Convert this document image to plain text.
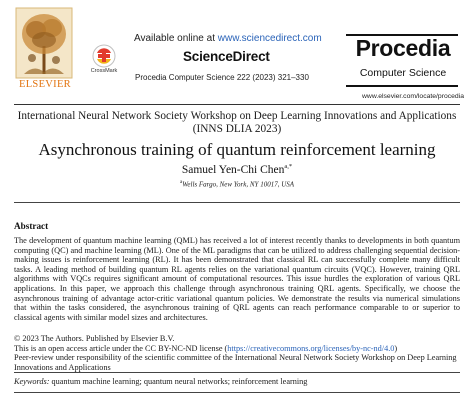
ELSEVIER
CrossMark
Available online at www.sciencedirect.com
ScienceDirect
Procedia Computer Science 222 (2023) 321–330
Procedia
Computer Science
www.elsevier.com/locate/procedia
International Neural Network Society Workshop on Deep Learning Innovations and Applications
(INNS DLIA 2023)
Asynchronous training of quantum reinforcement learning
Samuel Yen-Chi Chen$^{a,*}$
$^a$Wells Fargo, New York, NY 10017, USA
Abstract
The development of quantum machine learning (QML) has received a lot of interest recently thanks to developments in both quantum computing (QC) and machine learning (ML). One of the ML paradigms that can be utilized to address challenging sequential decision-making issues is reinforcement learning (RL). It has been demonstrated that classical RL can successfully complete many difficult tasks. A leading method of building quantum RL agents relies on the variational quantum circuits (VQC). However, training QRL algorithms with VQCs requires significant amount of computational resources. This issue hurdles the exploration of various QRL applications. In this paper, we approach this challenge through asynchronous training QRL agents. Specifically, we choose the asynchronous training of advantage actor-critic variational quantum policies. We demonstrate the results via numerical simulations that within the tasks considered, the asynchronous training of QRL agents can reach performance comparable to or superior to classical agents with similar model sizes and architectures.
© 2023 The Authors. Published by Elsevier B.V.
This is an open access article under the CC BY-NC-ND license (https://creativecommons.org/licenses/by-nc-nd/4.0)
Peer-review under responsibility of the scientific committee of the International Neural Network Society Workshop on Deep Learning Innovations and Applications
Keywords: quantum machine learning; quantum neural networks; reinforcement learning
